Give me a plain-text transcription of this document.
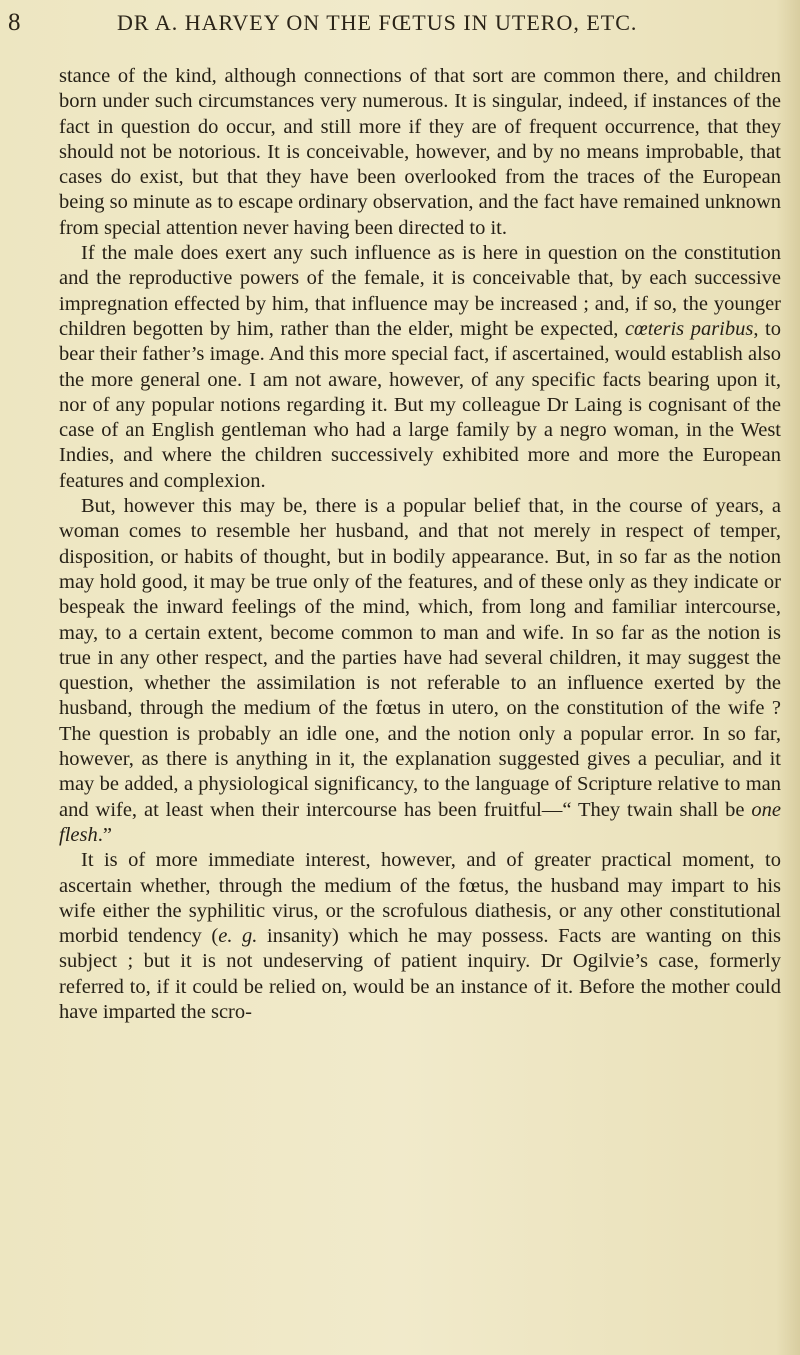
8	DR A. HARVEY ON THE FŒTUS IN UTERO, ETC.

stance of the kind, although connections of that sort are common there, and children born under such circumstances very numerous. It is singular, indeed, if instances of the fact in question do occur, and still more if they are of frequent occurrence, that they should not be notorious. It is conceivable, however, and by no means improbable, that cases do exist, but that they have been overlooked from the traces of the European being so minute as to escape ordinary observation, and the fact have remained unknown from special attention never having been directed to it.

If the male does exert any such influence as is here in question on the constitution and the reproductive powers of the female, it is conceivable that, by each successive impregnation effected by him, that influence may be increased ; and, if so, the younger children begotten by him, rather than the elder, might be expected, cœteris paribus, to bear their father’s image. And this more special fact, if ascertained, would establish also the more general one. I am not aware, however, of any specific facts bearing upon it, nor of any popular notions regarding it. But my colleague Dr Laing is cognisant of the case of an English gentleman who had a large family by a negro woman, in the West Indies, and where the children successively exhibited more and more the European features and complexion.

But, however this may be, there is a popular belief that, in the course of years, a woman comes to resemble her husband, and that not merely in respect of temper, disposition, or habits of thought, but in bodily appearance. But, in so far as the notion may hold good, it may be true only of the features, and of these only as they indicate or bespeak the inward feelings of the mind, which, from long and familiar intercourse, may, to a certain extent, become common to man and wife. In so far as the notion is true in any other respect, and the parties have had several children, it may suggest the question, whether the assimilation is not referable to an influence exerted by the husband, through the medium of the fœtus in utero, on the constitution of the wife ? The question is probably an idle one, and the notion only a popular error. In so far, however, as there is anything in it, the explanation suggested gives a peculiar, and it may be added, a physiological significancy, to the language of Scripture relative to man and wife, at least when their intercourse has been fruitful—“ They twain shall be one flesh.”

It is of more immediate interest, however, and of greater practical moment, to ascertain whether, through the medium of the fœtus, the husband may impart to his wife either the syphilitic virus, or the scrofulous diathesis, or any other constitutional morbid tendency (e. g. insanity) which he may possess. Facts are wanting on this subject ; but it is not undeserving of patient inquiry. Dr Ogilvie’s case, formerly referred to, if it could be relied on, would be an instance of it. Before the mother could have imparted the scro-
